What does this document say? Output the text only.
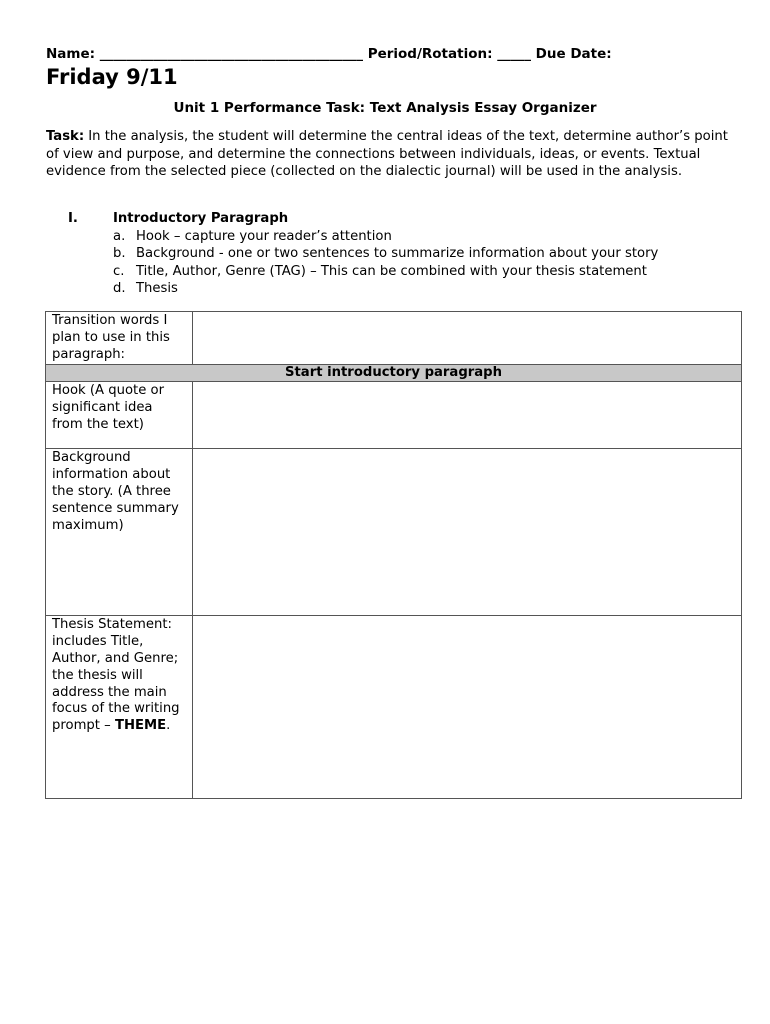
Name: _______________________________________ Period/Rotation: _____ Due Date:
Friday 9/11
Unit 1 Performance Task: Text Analysis Essay Organizer
Task: In the analysis, the student will determine the central ideas of the text, determine author’s point of view and purpose, and determine the connections between individuals, ideas, or events. Textual evidence from the selected piece (collected on the dialectic journal) will be used in the analysis.
I.	Introductory Paragraph
a. Hook – capture your reader’s attention
b. Background - one or two sentences to summarize information about your story
c. Title, Author, Genre (TAG) – This can be combined with your thesis statement
d. Thesis
Transition words I plan to use in this paragraph:	
Start introductory paragraph	
Hook (A quote or significant idea from the text)	
Background information about the story. (A three sentence summary maximum)	
Thesis Statement: includes Title, Author, and Genre; the thesis will address the main focus of the writing prompt – THEME.	
